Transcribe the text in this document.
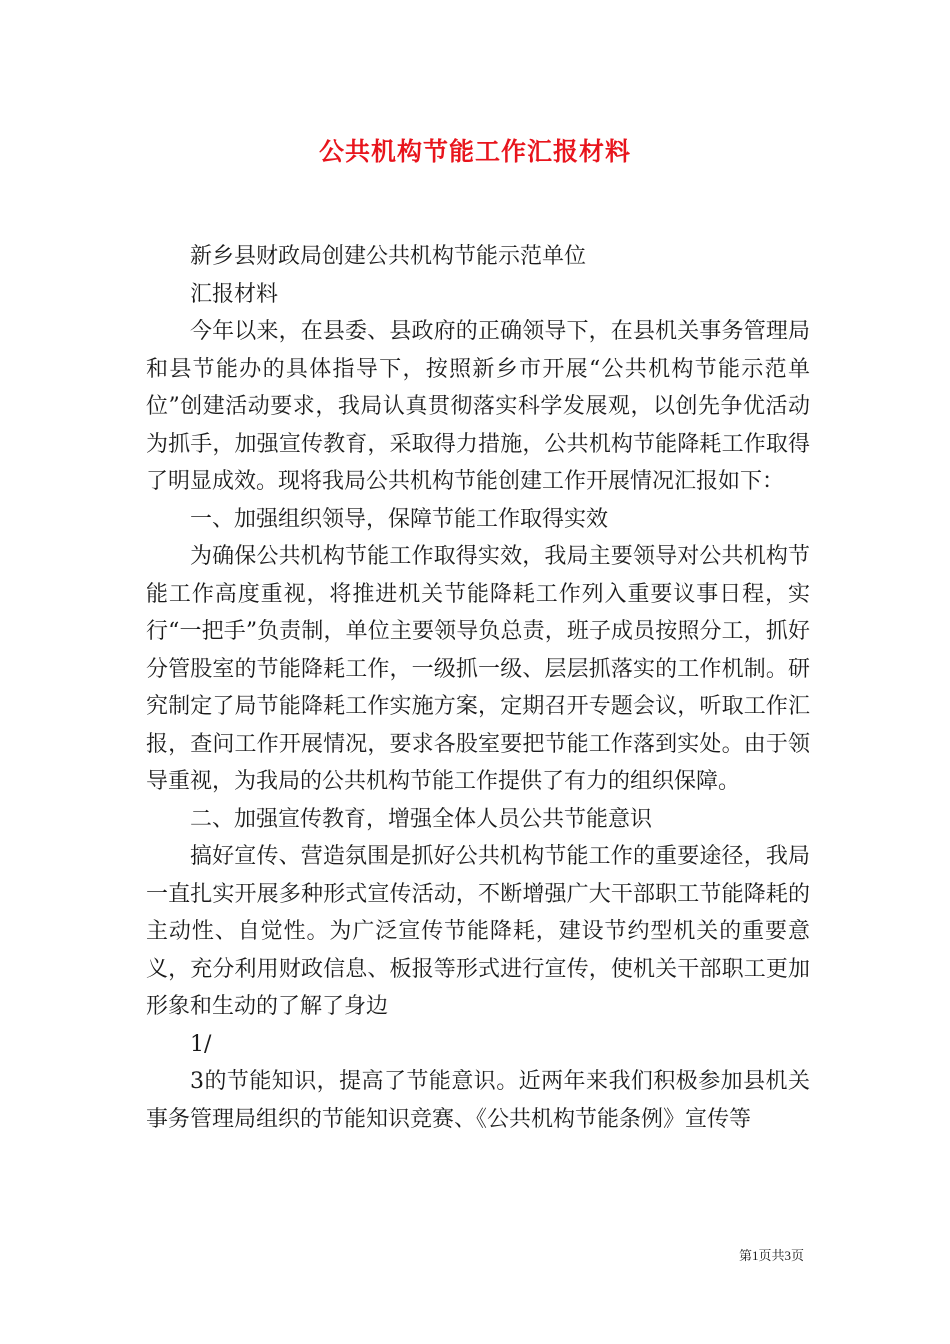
公共机构节能工作汇报材料

新乡县财政局创建公共机构节能示范单位

汇报材料

今年以来，在县委、县政府的正确领导下，在县机关事务管理局和县节能办的具体指导下，按照新乡市开展“公共机构节能示范单位”创建活动要求，我局认真贯彻落实科学发展观，以创先争优活动为抓手，加强宣传教育，采取得力措施，公共机构节能降耗工作取得了明显成效。现将我局公共机构节能创建工作开展情况汇报如下：

一、加强组织领导，保障节能工作取得实效

为确保公共机构节能工作取得实效，我局主要领导对公共机构节能工作高度重视，将推进机关节能降耗工作列入重要议事日程，实行“一把手”负责制，单位主要领导负总责，班子成员按照分工，抓好分管股室的节能降耗工作，一级抓一级、层层抓落实的工作机制。研究制定了局节能降耗工作实施方案，定期召开专题会议，听取工作汇报，查问工作开展情况，要求各股室要把节能工作落到实处。由于领导重视，为我局的公共机构节能工作提供了有力的组织保障。

二、加强宣传教育，增强全体人员公共节能意识

搞好宣传、营造氛围是抓好公共机构节能工作的重要途径，我局一直扎实开展多种形式宣传活动，不断增强广大干部职工节能降耗的主动性、自觉性。为广泛宣传节能降耗，建设节约型机关的重要意义，充分利用财政信息、板报等形式进行宣传，使机关干部职工更加形象和生动的了解了身边

1/

3的节能知识，提高了节能意识。近两年来我们积极参加县机关事务管理局组织的节能知识竞赛、《公共机构节能条例》宣传等

第1页共3页
